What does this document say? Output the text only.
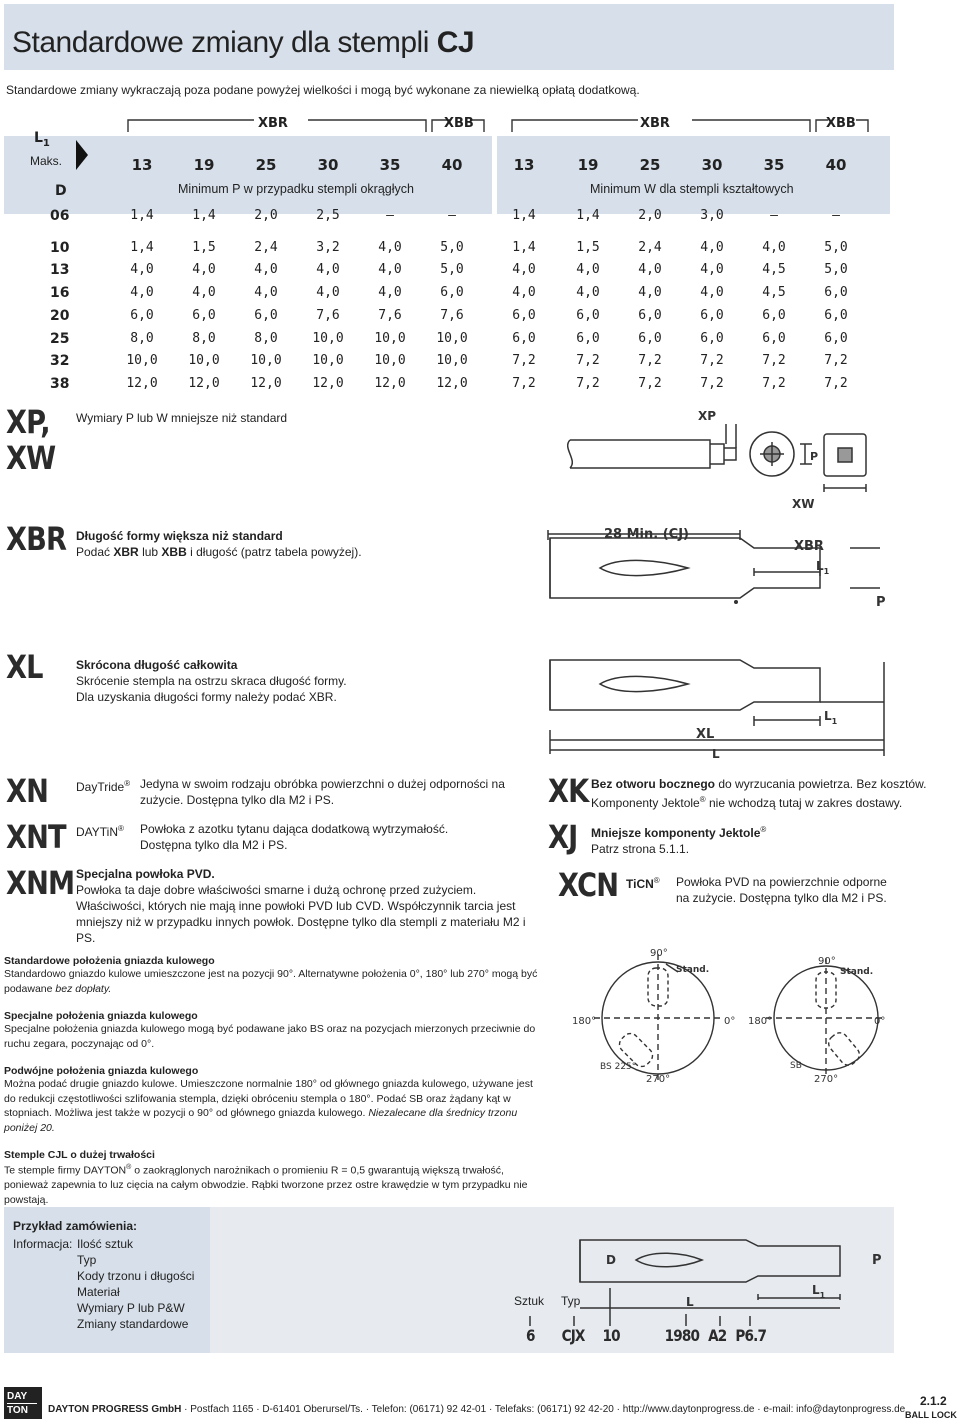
Standardowe zmiany dla stempli CJ
Standardowe zmiany wykraczają poza podane powyżej wielkości i mogą być wykonane za niewielką opłatą dodatkową.
$L_1$
Maks.
D
XBR	XBB	XBR	XBB
13	19	25	30	35	40	13	19	25	30	35	40
Minimum P w przypadku stempli okrągłych	Minimum W dla stempli kształtowych
06	1,4	1,4	2,0	2,5	–	–	1,4	1,4	2,0	3,0	–	–
10	1,4	1,5	2,4	3,2	4,0	5,0	1,4	1,5	2,4	4,0	4,0	5,0
13	4,0	4,0	4,0	4,0	4,0	5,0	4,0	4,0	4,0	4,0	4,5	5,0
16	4,0	4,0	4,0	4,0	4,0	6,0	4,0	4,0	4,0	4,0	4,5	6,0
20	6,0	6,0	6,0	7,6	7,6	7,6	6,0	6,0	6,0	6,0	6,0	6,0
25	8,0	8,0	8,0	10,0	10,0	10,0	6,0	6,0	6,0	6,0	6,0	6,0
32	10,0	10,0	10,0	10,0	10,0	10,0	7,2	7,2	7,2	7,2	7,2	7,2
38	12,0	12,0	12,0	12,0	12,0	12,0	7,2	7,2	7,2	7,2	7,2	7,2
XP,
XW
Wymiary P lub W mniejsze niż standard	XP
P
XW
XBR Długość formy większa niż standard
Podać XBR lub XBB i długość (patrz tabela powyżej).
28 Min. (CJ)
XBR
$L_1$
P
XL	Skrócona długość całkowita
Skrócenie stempla na ostrzu skraca długość formy.
Dla uzyskania długości formy należy podać XBR.
$L_1$
XL
L
XN DayTride® Jedyna w swoim rodzaju obróbka powierzchni o dużej odporności na zużycie. Dostępna tylko dla M2 i PS.
XNT DAYTiN® Powłoka z azotku tytanu dająca dodatkową wytrzymałość. Dostępna tylko dla M2 i PS.
XNM Specjalna powłoka PVD.
Powłoka ta daje dobre właściwości smarne i dużą ochronę przed zużyciem. Właściwości, których nie mają inne powłoki PVD lub CVD. Współczynnik tarcia jest mniejszy niż w przypadku innych powłok. Dostępne tylko dla stempli z materiału M2 i PS.
XK Bez otworu bocznego do wyrzucania powietrza. Bez kosztów.
Komponenty Jektole® nie wchodzą tutaj w zakres dostawy.
XJ Mniejsze komponenty Jektole®
Patrz strona 5.1.1.
XCN TiCN® Powłoka PVD na powierzchnie odporne na zużycie. Dostępna tylko dla M2 i PS.
Standardowe położenia gniazda kulowego
Standardowo gniazdo kulowe umieszczone jest na pozycji 90°. Alternatywne położenia 0°, 180° lub 270° mogą być podawane bez dopłaty.
Specjalne położenia gniazda kulowego
Specjalne położenia gniazda kulowego mogą być podawane jako BS oraz na pozycjach mierzonych przeciwnie do ruchu zegara, poczynając od 0°.
Podwójne położenia gniazda kulowego
Można podać drugie gniazdo kulowe. Umieszczone normalnie 180° od głównego gniazda kulowego, używane jest do redukcji częstotliwości szlifowania stempla, dzięki obróceniu stempla o 180°. Podać SB oraz żądany kąt w stopniach. Możliwa jest także w pozycji o 90° od głównego gniazda kulowego. Niezalecane dla średnicy trzonu poniżej 20.
Stemple CJL o dużej trwałości
Te stemple firmy DAYTON® o zaokrąglonych narożnikach o promieniu R = 0,5 gwarantują większą trwałość, ponieważ zapewnia to luz cięcia na całym obwodzie. Rąbki tworzone przez ostre krawędzie w tym przypadku nie powstają.
90°
Stand.
180°	0°
BS 225°
270°
90°
Stand.
180°	0°
SB
270°
Przykład zamówienia:
Informacja: Ilość sztuk
Typ
Kody trzonu i długości
Materiał
Wymiary P lub P&W
Zmiany standardowe
Sztuk Typ
D	P
$L_1$
L
6 CJX 10	1980 A2 P6.7
DAY
TON	DAYTON PROGRESS GmbH · Postfach 1165 · D-61401 Oberursel/Ts. · Telefon: (06171) 92 42-01 · Telefaks: (06171) 92 42-20 · http://www.daytonprogress.de · e-mail: info@daytonprogress.de
2.1.2
BALL LOCK
